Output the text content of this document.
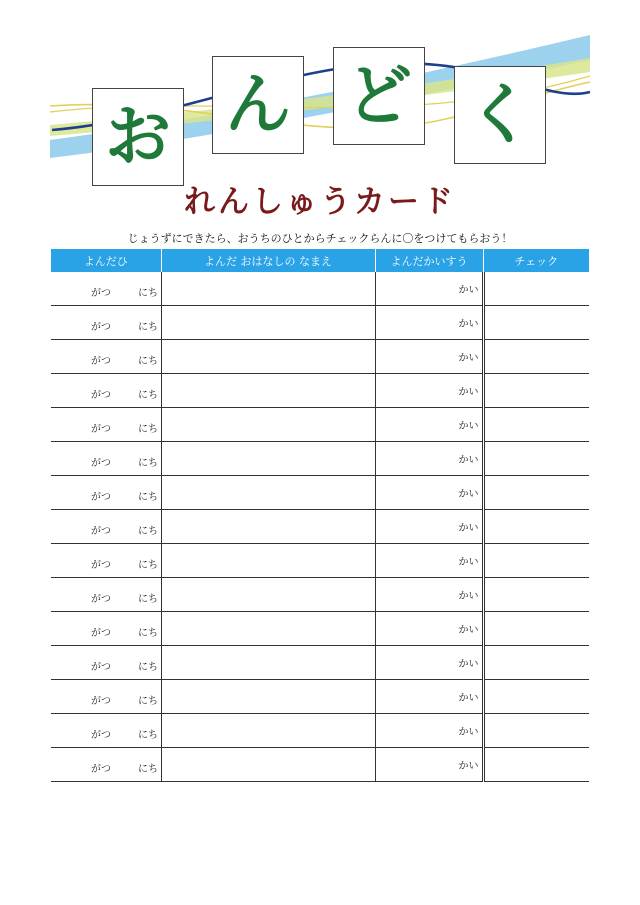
お ん ど く
れんしゅうカード
じょうずにできたら、おうちのひとからチェックらんに〇をつけてもらおう！
よんだひ	よんだ おはなしの なまえ	よんだかいすう	チェック

がつ にち		かい	

がつ にち		かい	

がつ にち		かい	

がつ にち		かい	

がつ にち		かい	

がつ にち		かい	

がつ にち		かい	

がつ にち		かい	

がつ にち		かい	

がつ にち		かい	

がつ にち		かい	

がつ にち		かい	

がつ にち		かい	

がつ にち		かい	

がつ にち		かい	
